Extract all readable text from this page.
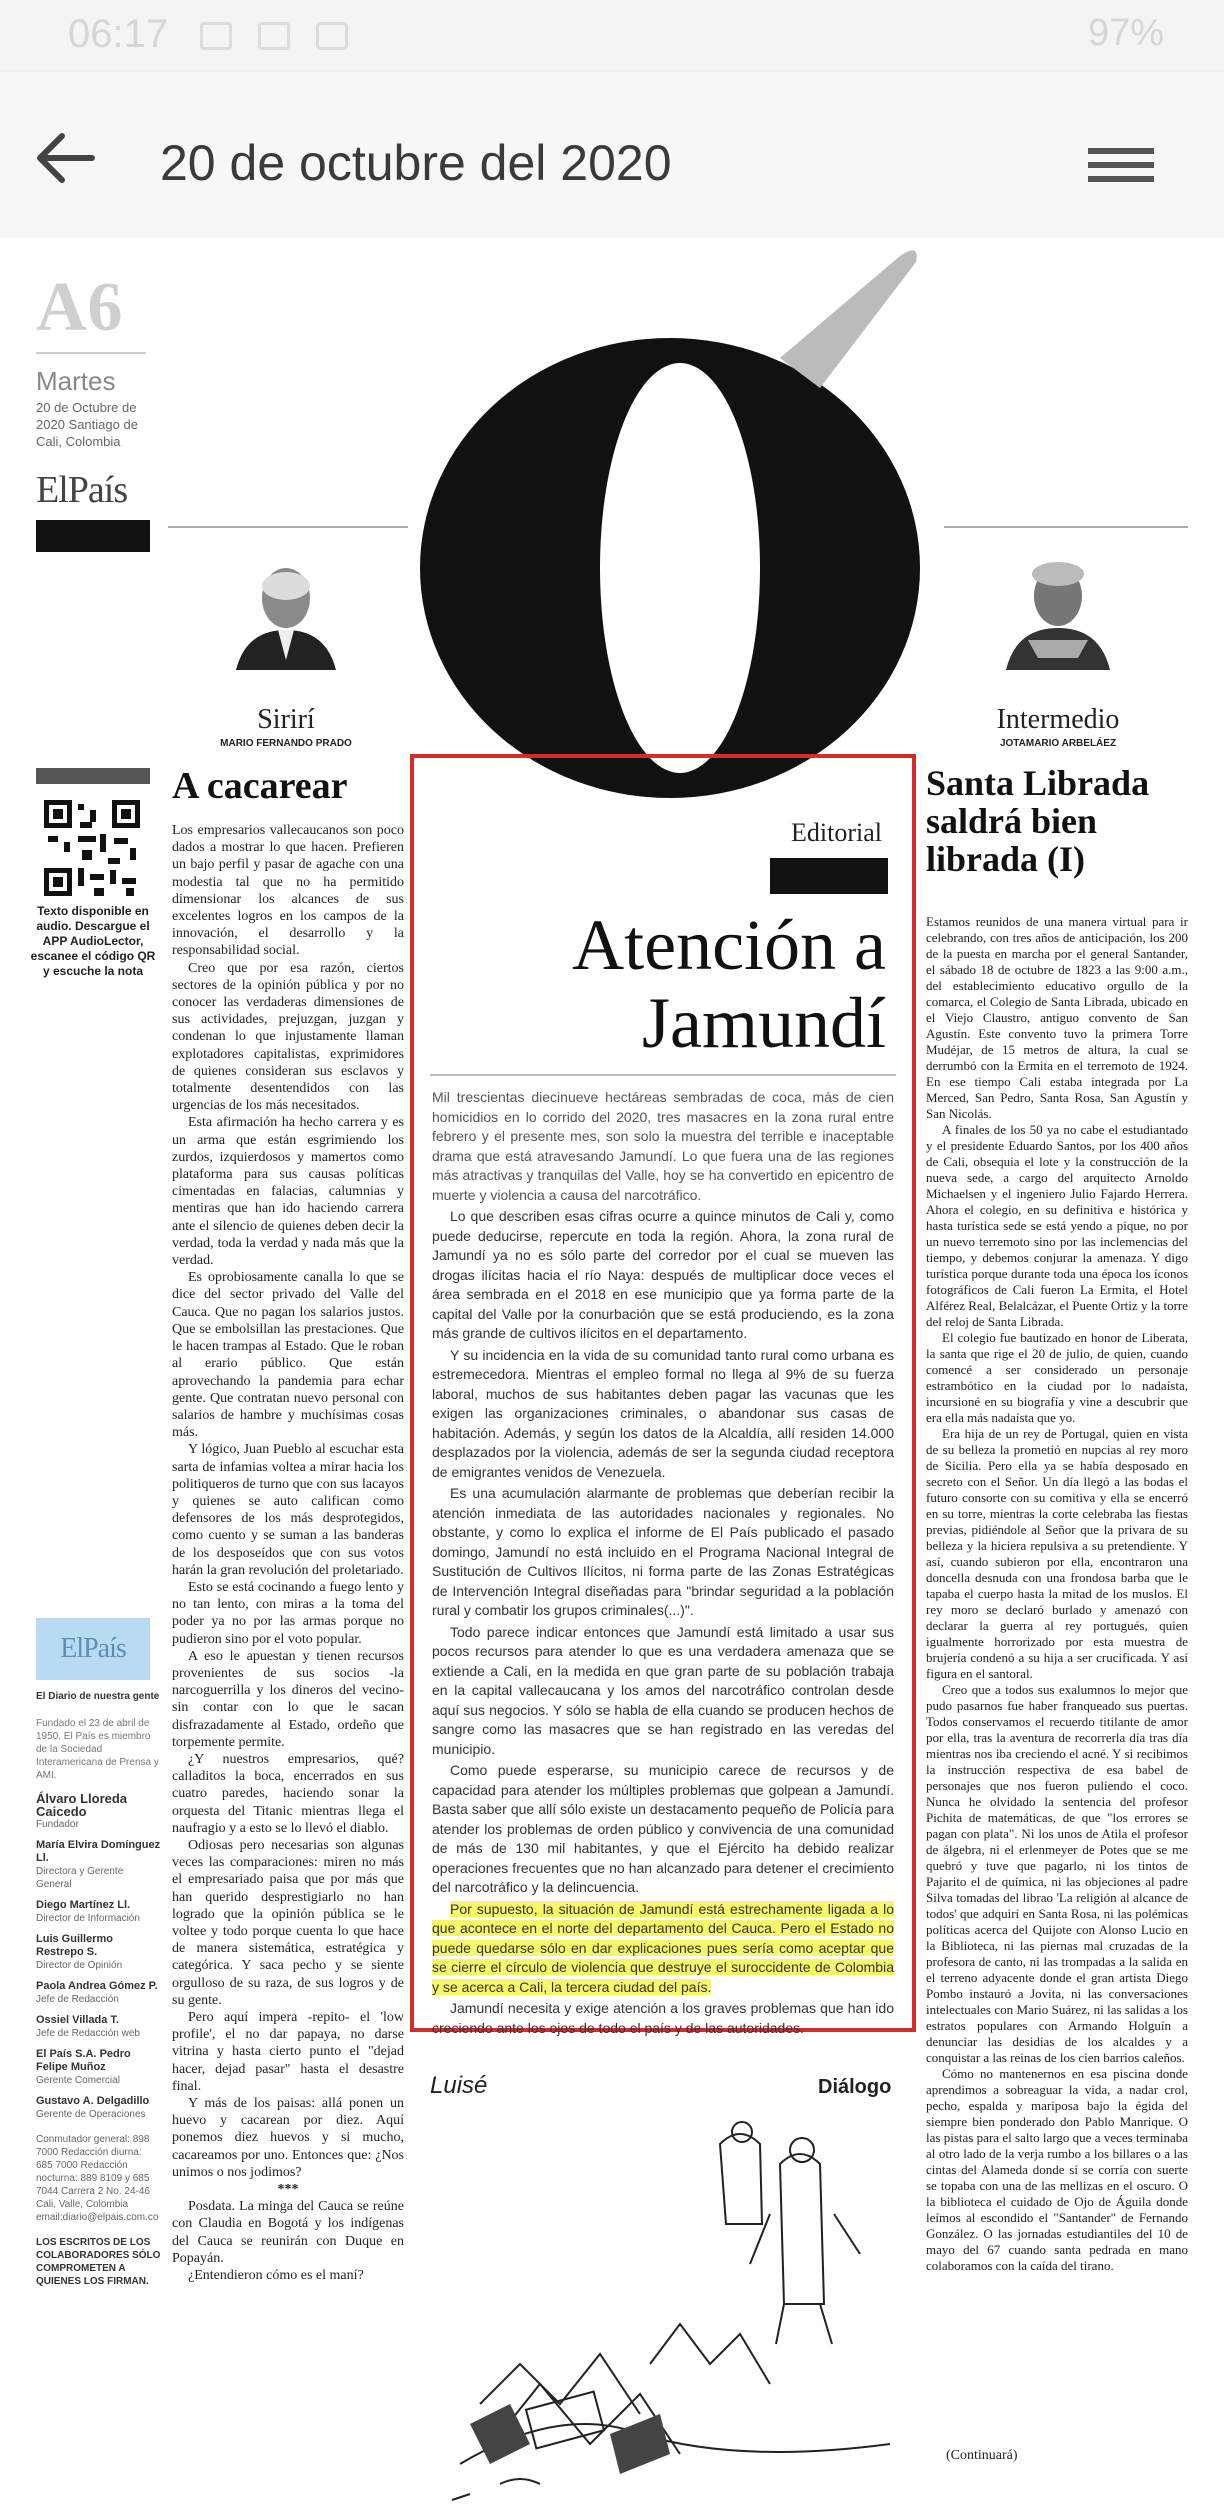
06:17	97%
20 de octubre del 2020
A6
Martes
20 de Octubre de 2020 Santiago de Cali, Colombia
ElPaís
Sirirí
MARIO FERNANDO PRADO
Intermedio
JOTAMARIO ARBELÁEZ
Texto disponible en audio. Descargue el APP AudioLector, escanee el código QR y escuche la nota
ElPaís
El Diario de nuestra gente
Fundado el 23 de abril de 1950. El País es miembro de la Sociedad Interamericana de Prensa y AMI.
Álvaro Lloreda Caicedo
Fundador
María Elvira Domínguez Ll.
Directora y Gerente General
Diego Martínez Ll.
Director de Información
Luis Guillermo Restrepo S.
Director de Opinión
Paola Andrea Gómez P.
Jefe de Redacción
Ossiel Villada T.
Jefe de Redacción web
El País S.A. Pedro Felipe Muñoz
Gerente Comercial
Gustavo A. Delgadillo
Gerente de Operaciones
Conmutador general: 898 7000 Redacción diurna: 685 7000 Redacción nocturna: 889 8109 y 685 7044 Carrera 2 No. 24-46 Cali, Valle, Colombia email:diario@elpais.com.co
LOS ESCRITOS DE LOS COLABORADORES SÓLO COMPROMETEN A QUIENES LOS FIRMAN.
A cacarear

Los empresarios vallecaucanos son poco dados a mostrar lo que hacen. Prefieren un bajo perfil y pasar de agache con una modestia tal que no ha permitido dimensionar los alcances de sus excelentes logros en los campos de la innovación, el desarrollo y la responsabilidad social.

Creo que por esa razón, ciertos sectores de la opinión pública y por no conocer las verdaderas dimensiones de sus actividades, prejuzgan, juzgan y condenan lo que injustamente llaman explotadores capitalistas, exprimidores de quienes consideran sus esclavos y totalmente desentendidos con las urgencias de los más necesitados.

Esta afirmación ha hecho carrera y es un arma que están esgrimiendo los zurdos, izquierdosos y mamertos como plataforma para sus causas políticas cimentadas en falacias, calumnias y mentiras que han ido haciendo carrera ante el silencio de quienes deben decir la verdad, toda la verdad y nada más que la verdad.

Es oprobiosamente canalla lo que se dice del sector privado del Valle del Cauca. Que no pagan los salarios justos. Que se embolsillan las prestaciones. Que le hacen trampas al Estado. Que le roban al erario público. Que están aprovechando la pandemia para echar gente. Que contratan nuevo personal con salarios de hambre y muchísimas cosas más.

Y lógico, Juan Pueblo al escuchar esta sarta de infamias voltea a mirar hacia los politiqueros de turno que con sus lacayos y quienes se auto califican como defensores de los más desprotegidos, como cuento y se suman a las banderas de los desposeídos que con sus votos harán la gran revolución del proletariado.

Esto se está cocinando a fuego lento y no tan lento, con miras a la toma del poder ya no por las armas porque no pudieron sino por el voto popular.

A eso le apuestan y tienen recursos provenientes de sus socios -la narcoguerrilla y los dineros del vecino- sin contar con lo que le sacan disfrazadamente al Estado, ordeño que torpemente permite.

¿Y nuestros empresarios, qué? calladitos la boca, encerrados en sus cuatro paredes, haciendo sonar la orquesta del Titanic mientras llega el naufragio y a esto se lo llevó el diablo.

Odiosas pero necesarias son algunas veces las comparaciones: miren no más el empresariado paisa que por más que han querido desprestigiarlo no han logrado que la opinión pública se le voltee y todo porque cuenta lo que hace de manera sistemática, estratégica y categórica. Y saca pecho y se siente orgulloso de su raza, de sus logros y de su gente.

Pero aquí impera -repito- el 'low profile', el no dar papaya, no darse vitrina y hasta cierto punto el "dejad hacer, dejad pasar" hasta el desastre final.

Y más de los paisas: allá ponen un huevo y cacarean por diez. Aquí ponemos diez huevos y si mucho, cacareamos por uno. Entonces que: ¿Nos unimos o nos jodimos?

***

Posdata. La minga del Cauca se reúne con Claudia en Bogotá y los indígenas del Cauca se reunirán con Duque en Popayán.

¿Entendieron cómo es el maní?

Editorial
Atención a Jamundí

Mil trescientas diecinueve hectáreas sembradas de coca, más de cien homicidios en lo corrido del 2020, tres masacres en la zona rural entre febrero y el presente mes, son solo la muestra del terrible e inaceptable drama que está atravesando Jamundí. Lo que fuera una de las regiones más atractivas y tranquilas del Valle, hoy se ha convertido en epicentro de muerte y violencia a causa del narcotráfico.

Lo que describen esas cifras ocurre a quince minutos de Cali y, como puede deducirse, repercute en toda la región. Ahora, la zona rural de Jamundí ya no es sólo parte del corredor por el cual se mueven las drogas ilícitas hacia el río Naya: después de multiplicar doce veces el área sembrada en el 2018 en ese municipio que ya forma parte de la capital del Valle por la conurbación que se está produciendo, es la zona más grande de cultivos ilícitos en el departamento.

Y su incidencia en la vida de su comunidad tanto rural como urbana es estremecedora. Mientras el empleo formal no llega al 9% de su fuerza laboral, muchos de sus habitantes deben pagar las vacunas que les exigen las organizaciones criminales, o abandonar sus casas de habitación. Además, y según los datos de la Alcaldía, allí residen 14.000 desplazados por la violencia, además de ser la segunda ciudad receptora de emigrantes venidos de Venezuela.

Es una acumulación alarmante de problemas que deberían recibir la atención inmediata de las autoridades nacionales y regionales. No obstante, y como lo explica el informe de El País publicado el pasado domingo, Jamundí no está incluido en el Programa Nacional Integral de Sustitución de Cultivos Ilícitos, ni forma parte de las Zonas Estratégicas de Intervención Integral diseñadas para "brindar seguridad a la población rural y combatir los grupos criminales(...)".

Todo parece indicar entonces que Jamundí está limitado a usar sus pocos recursos para atender lo que es una verdadera amenaza que se extiende a Cali, en la medida en que gran parte de su población trabaja en la capital vallecaucana y los amos del narcotráfico controlan desde aquí sus negocios. Y sólo se habla de ella cuando se producen hechos de sangre como las masacres que se han registrado en las veredas del municipio.

Como puede esperarse, su municipio carece de recursos y de capacidad para atender los múltiples problemas que golpean a Jamundí. Basta saber que allí sólo existe un destacamento pequeño de Policía para atender los problemas de orden público y convivencia de una comunidad de más de 130 mil habitantes, y que el Ejército ha debido realizar operaciones frecuentes que no han alcanzado para detener el crecimiento del narcotráfico y la delincuencia.

Por supuesto, la situación de Jamundí está estrechamente ligada a lo que acontece en el norte del departamento del Cauca. Pero el Estado no puede quedarse sólo en dar explicaciones pues sería como aceptar que se cierre el círculo de violencia que destruye el suroccidente de Colombia y se acerca a Cali, la tercera ciudad del país.

Jamundí necesita y exige atención a los graves problemas que han ido creciendo ante los ojos de todo el país y de las autoridades.

Luisé	Diálogo
Santa Librada saldrá bien librada (I)

Estamos reunidos de una manera virtual para ir celebrando, con tres años de anticipación, los 200 de la puesta en marcha por el general Santander, el sábado 18 de octubre de 1823 a las 9:00 a.m., del establecimiento educativo orgullo de la comarca, el Colegio de Santa Librada, ubicado en el Viejo Claustro, antiguo convento de San Agustín. Este convento tuvo la primera Torre Mudéjar, de 15 metros de altura, la cual se derrumbó con la Ermita en el terremoto de 1924. En ese tiempo Cali estaba integrada por La Merced, San Pedro, Santa Rosa, San Agustín y San Nicolás.

A finales de los 50 ya no cabe el estudiantado y el presidente Eduardo Santos, por los 400 años de Cali, obsequia el lote y la construcción de la nueva sede, a cargo del arquitecto Arnoldo Michaelsen y el ingeniero Julio Fajardo Herrera. Ahora el colegio, en su definitiva e histórica y hasta turística sede se está yendo a pique, no por un nuevo terremoto sino por las inclemencias del tiempo, y debemos conjurar la amenaza. Y digo turística porque durante toda una época los íconos fotográficos de Cali fueron La Ermita, el Hotel Alférez Real, Belalcázar, el Puente Ortiz y la torre del reloj de Santa Librada.

El colegio fue bautizado en honor de Liberata, la santa que rige el 20 de julio, de quien, cuando comencé a ser considerado un personaje estrambótico en la ciudad por lo nadaísta, incursioné en su biografía y vine a descubrir que era ella más nadaísta que yo.

Era hija de un rey de Portugal, quien en vista de su belleza la prometió en nupcias al rey moro de Sicilia. Pero ella ya se había desposado en secreto con el Señor. Un día llegó a las bodas el futuro consorte con su comitiva y ella se encerró en su torre, mientras la corte celebraba las fiestas previas, pidiéndole al Señor que la privara de su belleza y la hiciera repulsiva a su pretendiente. Y así, cuando subieron por ella, encontraron una doncella desnuda con una frondosa barba que le tapaba el cuerpo hasta la mitad de los muslos. El rey moro se declaró burlado y amenazó con declarar la guerra al rey portugués, quien igualmente horrorizado por esta muestra de brujería condenó a su hija a ser crucificada. Y así figura en el santoral.

Creo que a todos sus exalumnos lo mejor que pudo pasarnos fue haber franqueado sus puertas. Todos conservamos el recuerdo titilante de amor por ella, tras la aventura de recorrerla día tras día mientras nos iba creciendo el acné. Y si recibimos la instrucción respectiva de esa babel de personajes que nos fueron puliendo el coco. Nunca he olvidado la sentencia del profesor Pichita de matemáticas, de que "los errores se pagan con plata". Ni los unos de Atila el profesor de álgebra, ni el erlenmeyer de Potes que se me quebró y tuve que pagarlo, ni los tintos de Pajarito el de química, ni las objeciones al padre Silva tomadas del librao 'La religión al alcance de todos' que adquirí en Santa Rosa, ni las polémicas políticas acerca del Quijote con Alonso Lucio en la Biblioteca, ni las piernas mal cruzadas de la profesora de canto, ni las trompadas a la salida en el terreno adyacente donde el gran artista Diego Pombo instauró a Jovita, ni las conversaciones intelectuales con Mario Suárez, ni las salidas a los estratos populares con Armando Holguín a denunciar las desidias de los alcaldes y a conquistar a las reinas de los cien barrios caleños.

Cómo no mantenernos en esa piscina donde aprendimos a sobreaguar la vida, a nadar crol, pecho, espalda y mariposa bajo la égida del siempre bien ponderado don Pablo Manrique. O las pistas para el salto largo que a veces terminaba al otro lado de la verja rumbo a los billares o a las cintas del Alameda donde sí se corría con suerte se topaba con una de las mellizas en el oscuro. O la biblioteca el cuidado de Ojo de Águila donde leímos al escondido el "Santander" de Fernando González. O las jornadas estudiantiles del 10 de mayo del 67 cuando santa pedrada en mano colaboramos con la caída del tirano.

(Continuará)
